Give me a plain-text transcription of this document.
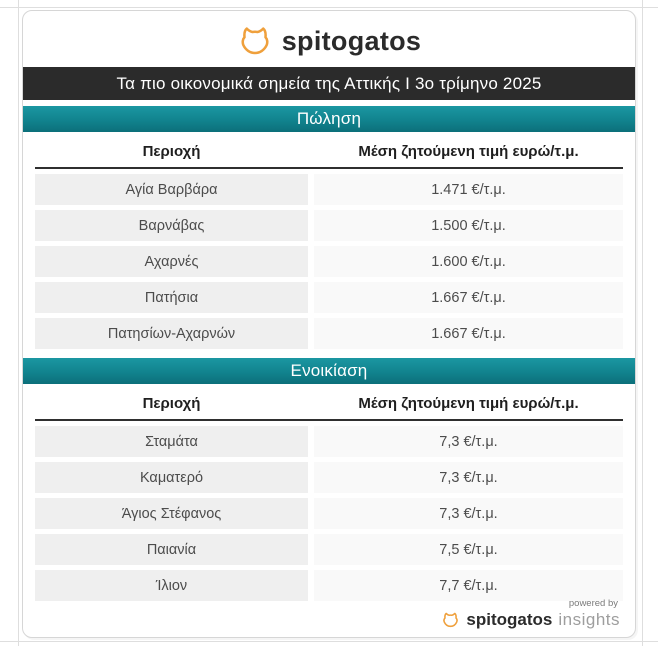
spitogatos
Τα πιο οικονομικά σημεία της Αττικής Ι 3ο τρίμηνο 2025
Πώληση
Περιοχή	Μέση ζητούμενη τιμή ευρώ/τ.μ.
Αγία Βαρβάρα	1.471 €/τ.μ.
Βαρνάβας	1.500 €/τ.μ.
Αχαρνές	1.600 €/τ.μ.
Πατήσια	1.667 €/τ.μ.
Πατησίων-Αχαρνών	1.667 €/τ.μ.
Ενοικίαση
Περιοχή	Μέση ζητούμενη τιμή ευρώ/τ.μ.
Σταμάτα	7,3 €/τ.μ.
Καματερό	7,3 €/τ.μ.
Άγιος Στέφανος	7,3 €/τ.μ.
Παιανία	7,5 €/τ.μ.
Ίλιον	7,7 €/τ.μ.
powered by
spitogatos insights
